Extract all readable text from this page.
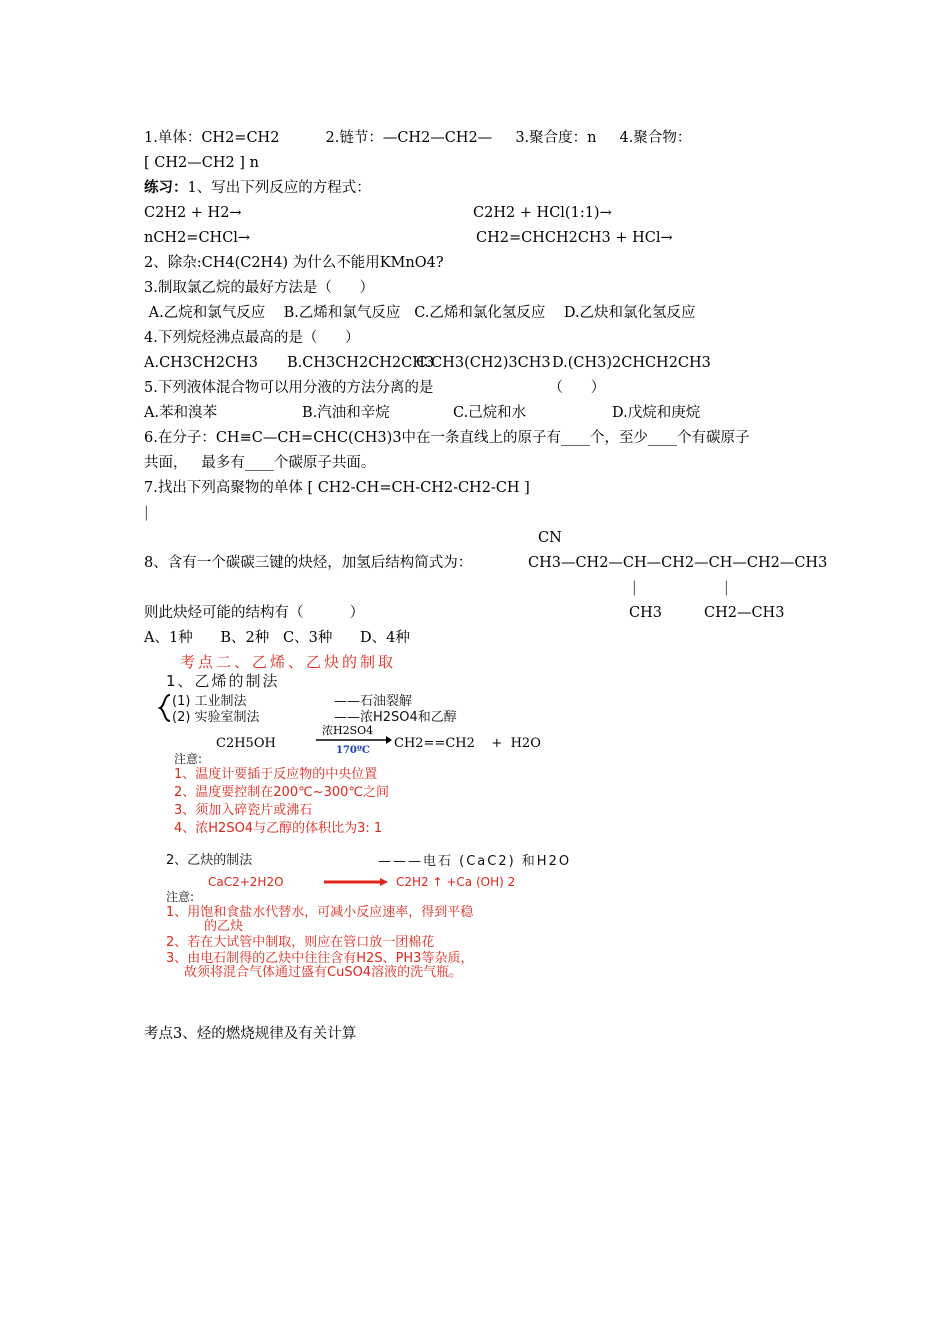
1.单体：CH2=CH2          2.链节：—CH2—CH2—     3.聚合度：n     4.聚合物：
[ CH2—CH2 ] n
练习：1、写出下列反应的方程式：
C2H2 + H2→	C2H2 + HCl(1:1)→
nCH2=CHCl→	CH2=CHCH2CH3 + HCl→
2、除杂:CH4(C2H4) 为什么不能用KMnO4?
3.制取氯乙烷的最好方法是（      ）
A.乙烷和氯气反应    B.乙烯和氯气反应   C.乙烯和氯化氢反应    D.乙炔和氯化氢反应
4.下列烷烃沸点最高的是（      ）
A.CH3CH2CH3 B.CH3CH2CH2CH3
C.CH3(CH2)3CH3 D.(CH3)2CHCH2CH3
5.下列液体混合物可以用分液的方法分离的是                         （      ）
A.苯和溴苯	B.汽油和辛烷	C.己烷和水	D.戊烷和庚烷
6.在分子：CH≡C—CH=CHC(CH3)3中在一条直线上的原子有____个，至少____个有碳原子
共面，   最多有____个碳原子共面。
7.找出下列高聚物的单体 [ CH2-CH=CH-CH2-CH2-CH ]
|
CN
8、含有一个碳碳三键的炔烃，加氢后结构简式为：	CH3—CH2—CH—CH2—CH—CH2—CH3
|	|
则此炔烃可能的结构有（          ）	CH3	CH2—CH3
A、1种      B、2种   C、3种      D、4种
考点二、乙烯、乙炔的制取
1、乙烯的制法
(1) 工业制法	——石油裂解
(2) 实验室制法	——浓H2SO4和乙醇
C2H5OH
浓H2SO4
170ºC CH2==CH2    +  H2O
注意:
1、温度计要插于反应物的中央位置
2、温度要控制在200℃~300℃之间
3、须加入碎瓷片或沸石
4、浓H2SO4与乙醇的体积比为3: 1
2、乙炔的制法	———电石 (CaC2) 和H2O
CaC2+2H2O	C2H2 ↑ +Ca (OH) 2
注意:
1、用饱和食盐水代替水，可减小反应速率，得到平稳
的乙炔
2、若在大试管中制取，则应在管口放一团棉花
3、由电石制得的乙炔中往往含有H2S、PH3等杂质，
故须将混合气体通过盛有CuSO4溶液的洗气瓶。
考点3、烃的燃烧规律及有关计算
